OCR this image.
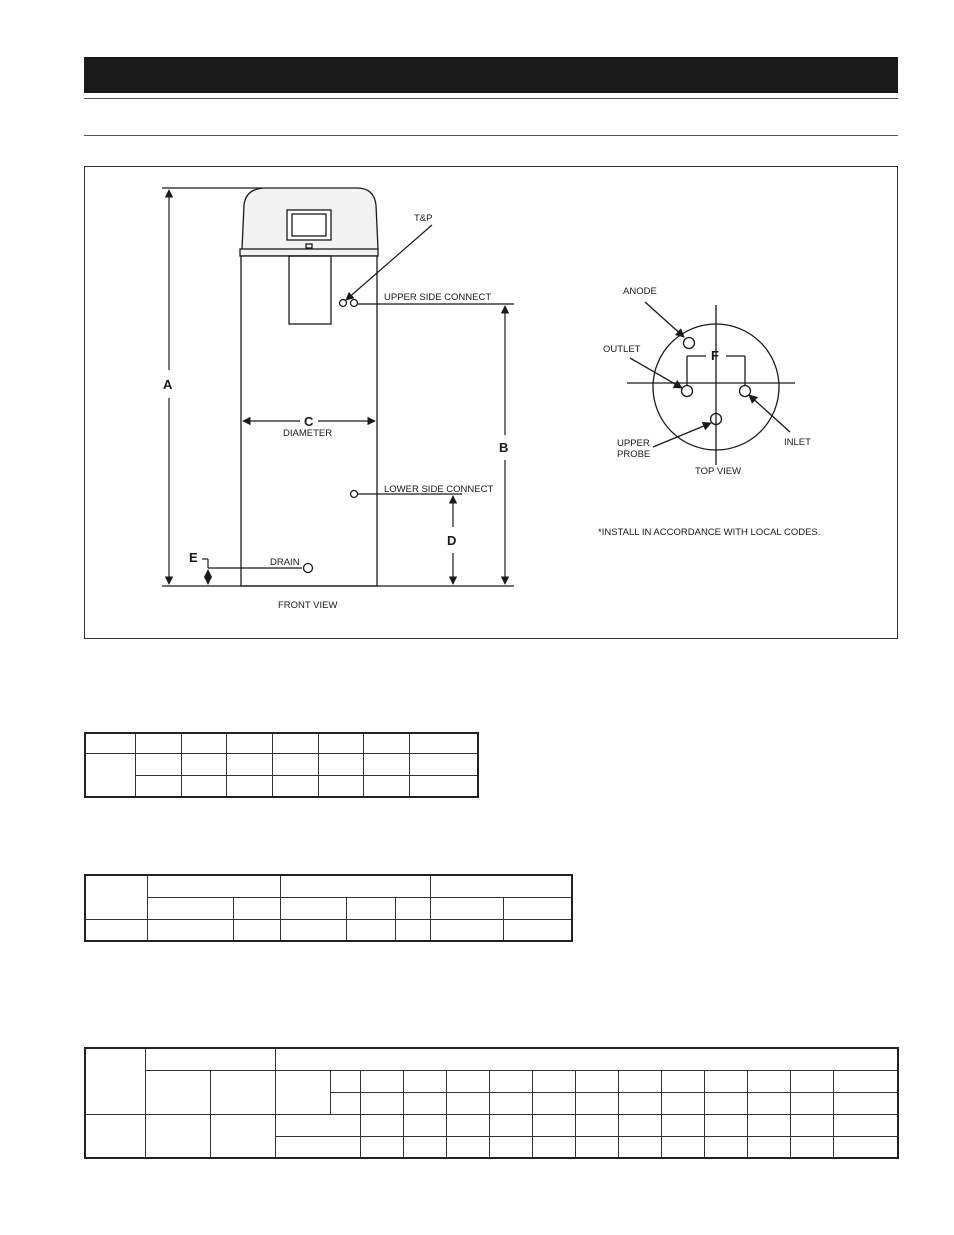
T&P
UPPER SIDE CONNECT
LOWER SIDE CONNECT
DIAMETER
DRAIN
FRONT VIEW
ANODE
OUTLET
INLET
UPPER
PROBE
TOP VIEW
*INSTALL IN ACCORDANCE WITH LOCAL CODES.
A
B
C
D
E
F
